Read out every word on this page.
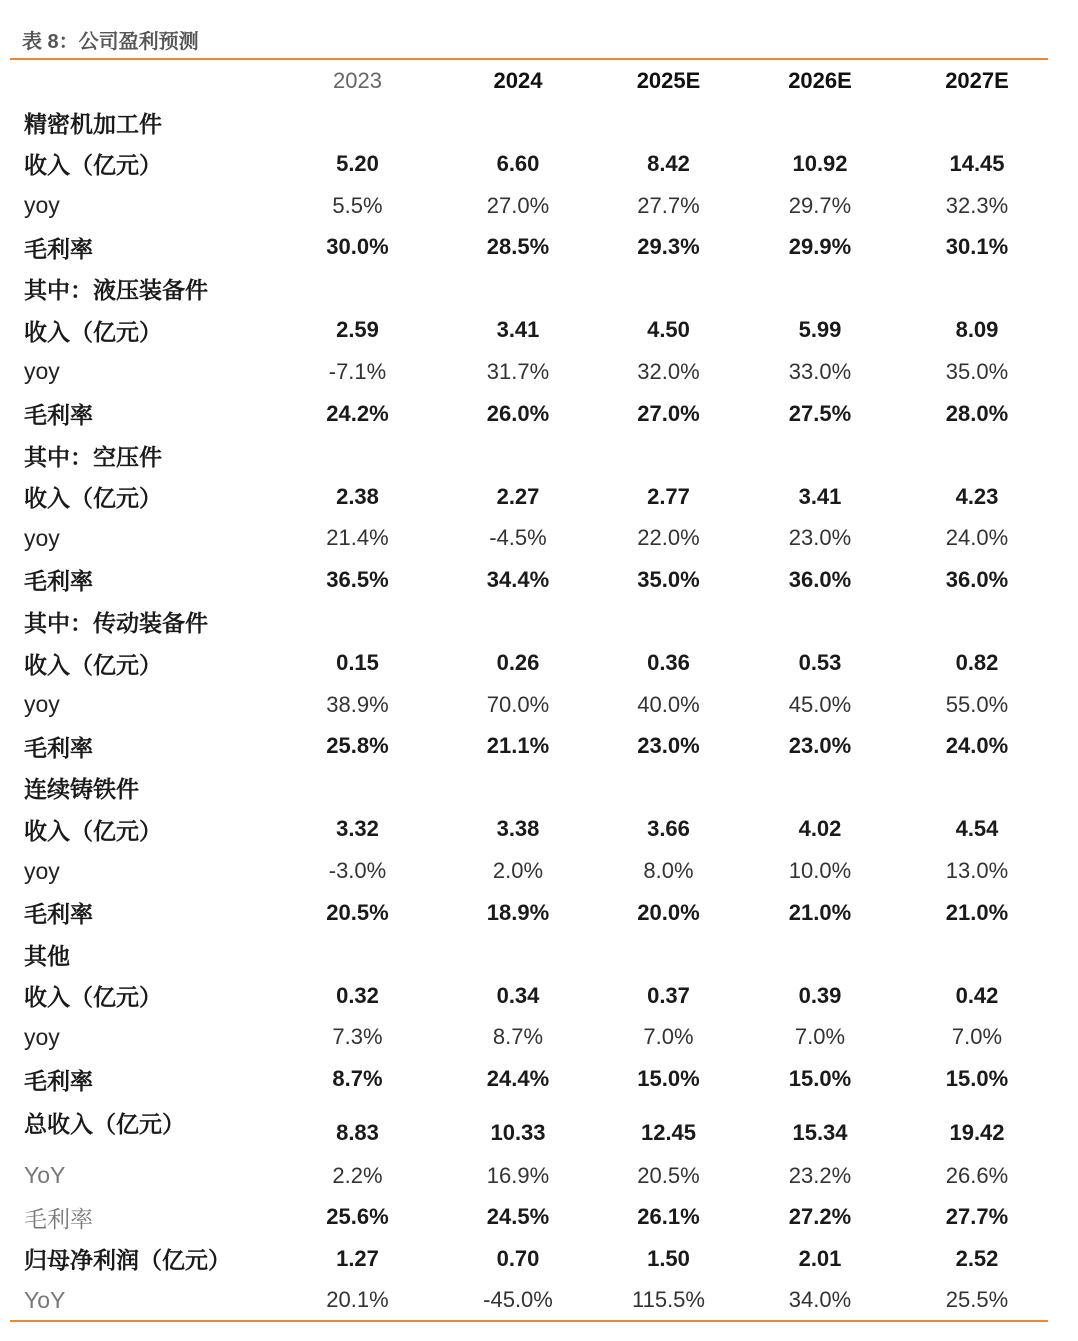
表 8：公司盈利预测
	2023	2024	2025E	2026E	2027E
精密机加工件					
收入（亿元）	5.20	6.60	8.42	10.92	14.45
yoy	5.5%	27.0%	27.7%	29.7%	32.3%
毛利率	30.0%	28.5%	29.3%	29.9%	30.1%
其中：液压装备件					
收入（亿元）	2.59	3.41	4.50	5.99	8.09
yoy	-7.1%	31.7%	32.0%	33.0%	35.0%
毛利率	24.2%	26.0%	27.0%	27.5%	28.0%
其中：空压件					
收入（亿元）	2.38	2.27	2.77	3.41	4.23
yoy	21.4%	-4.5%	22.0%	23.0%	24.0%
毛利率	36.5%	34.4%	35.0%	36.0%	36.0%
其中：传动装备件					
收入（亿元）	0.15	0.26	0.36	0.53	0.82
yoy	38.9%	70.0%	40.0%	45.0%	55.0%
毛利率	25.8%	21.1%	23.0%	23.0%	24.0%
连续铸铁件					
收入（亿元）	3.32	3.38	3.66	4.02	4.54
yoy	-3.0%	2.0%	8.0%	10.0%	13.0%
毛利率	20.5%	18.9%	20.0%	21.0%	21.0%
其他					
收入（亿元）	0.32	0.34	0.37	0.39	0.42
yoy	7.3%	8.7%	7.0%	7.0%	7.0%
毛利率	8.7%	24.4%	15.0%	15.0%	15.0%
总收入（亿元）	8.83	10.33	12.45	15.34	19.42
YoY	2.2%	16.9%	20.5%	23.2%	26.6%
毛利率	25.6%	24.5%	26.1%	27.2%	27.7%
归母净利润（亿元）	1.27	0.70	1.50	2.01	2.52
YoY	20.1%	-45.0%	115.5%	34.0%	25.5%
